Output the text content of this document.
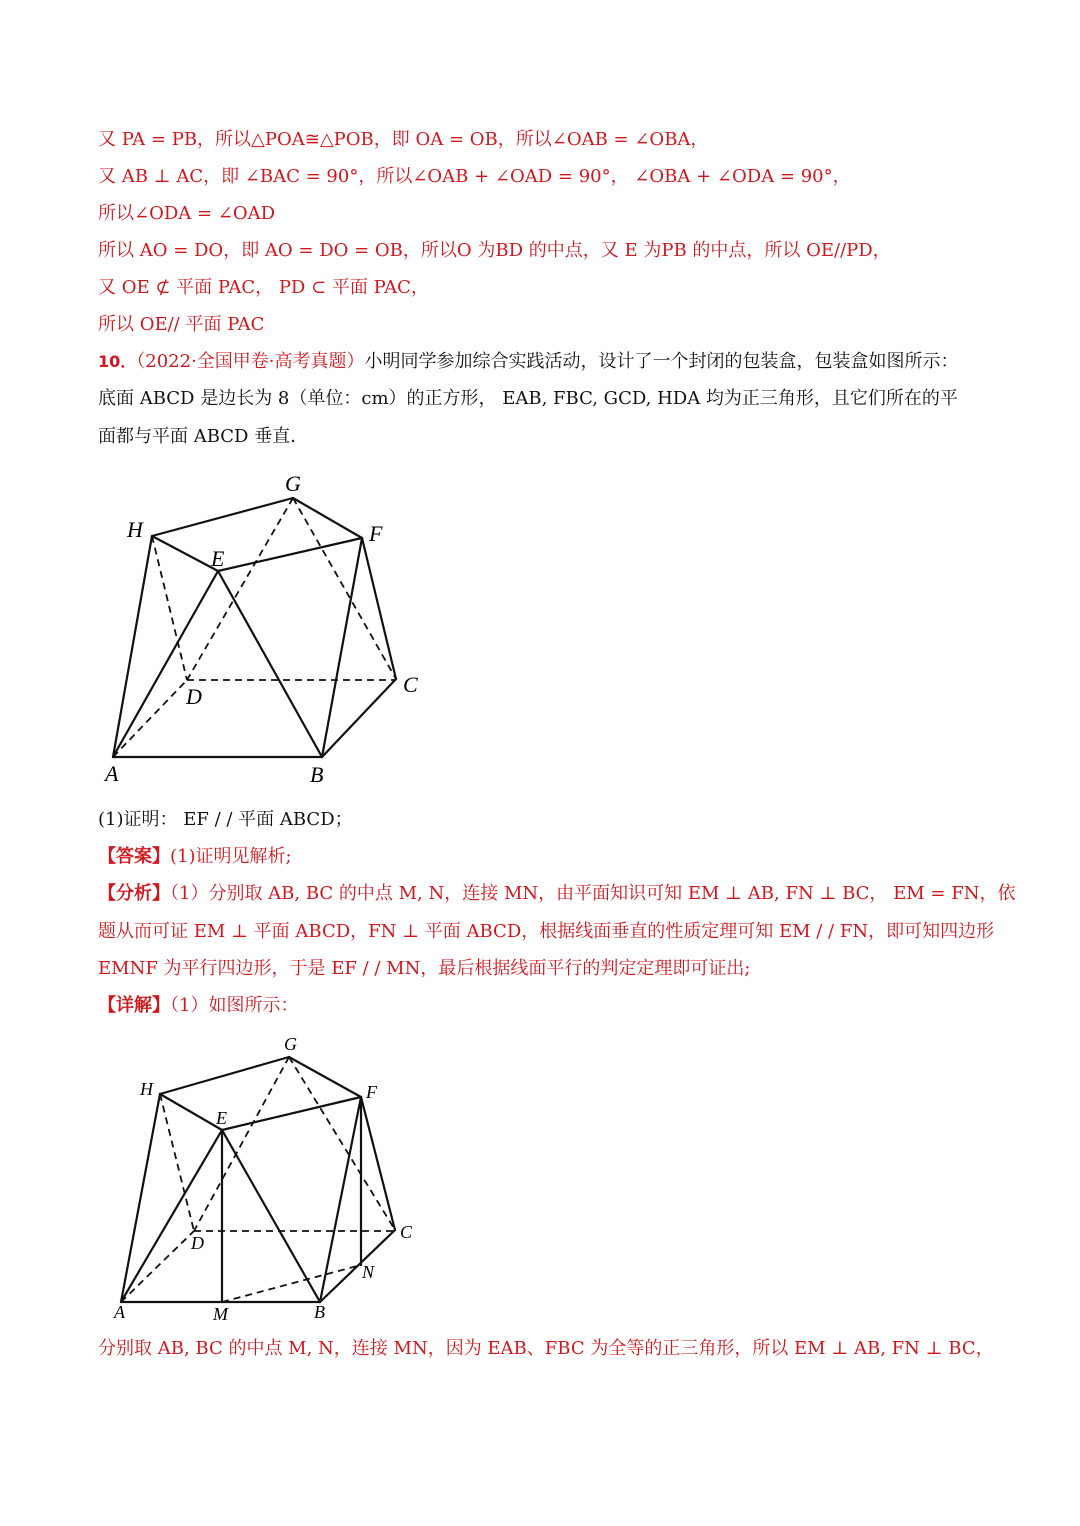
又 PA = PB，所以△POA≅△POB，即 OA = OB，所以∠OAB = ∠OBA，
又 AB ⊥ AC，即 ∠BAC = 90°，所以∠OAB + ∠OAD = 90°， ∠OBA + ∠ODA = 90°，
所以∠ODA = ∠OAD
所以 AO = DO，即 AO = DO = OB，所以O 为BD 的中点，又 E 为PB 的中点，所以 OE//PD，
又 OE ⊄ 平面 PAC， PD ⊂ 平面 PAC，
所以 OE// 平面 PAC
10．（2022·全国甲卷·高考真题）小明同学参加综合实践活动，设计了一个封闭的包装盒，包装盒如图所示：
底面 ABCD 是边长为 8（单位：cm）的正方形， EAB, FBC, GCD, HDA 均为正三角形，且它们所在的平
面都与平面 ABCD 垂直．
H
G
F
E
D	C
A	B
(1)证明： EF / / 平面 ABCD；
【答案】(1)证明见解析;
【分析】（1）分别取 AB, BC 的中点 M, N，连接 MN，由平面知识可知 EM ⊥ AB, FN ⊥ BC， EM = FN，依
题从而可证 EM ⊥ 平面 ABCD，FN ⊥ 平面 ABCD，根据线面垂直的性质定理可知 EM / / FN，即可知四边形
EMNF 为平行四边形，于是 EF / / MN，最后根据线面平行的判定定理即可证出;
【详解】（1）如图所示：
H
G
F
E
D
C
N
A	M	B
分别取 AB, BC 的中点 M, N，连接 MN，因为 EAB、FBC 为全等的正三角形，所以 EM ⊥ AB, FN ⊥ BC，
